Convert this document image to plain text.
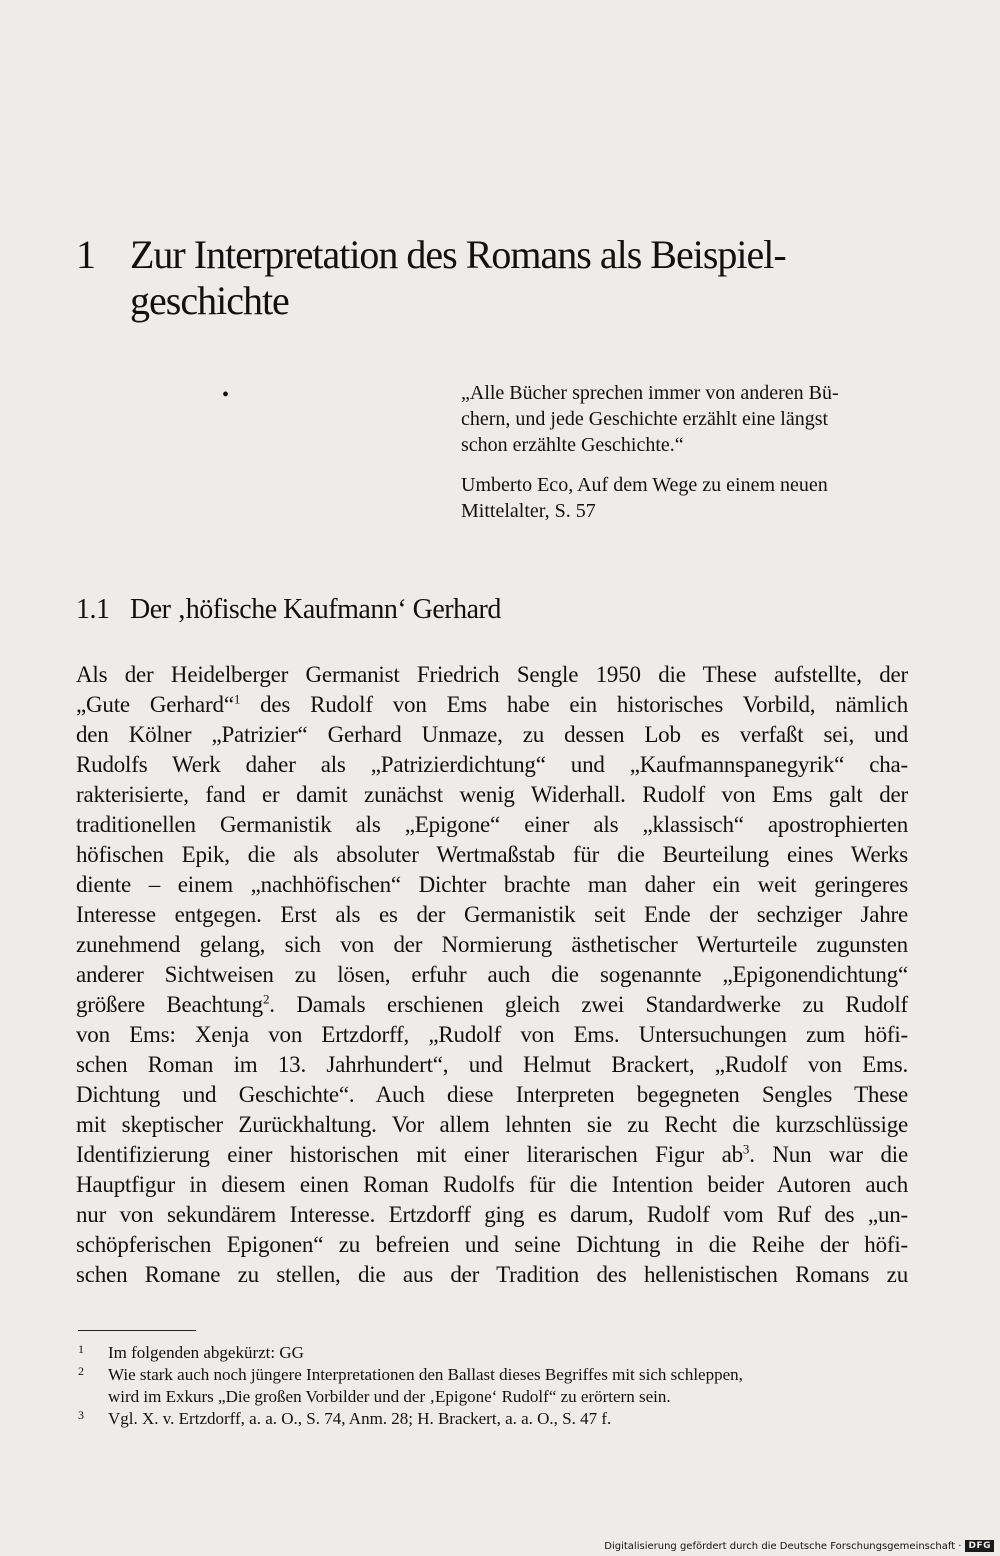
1 Zur Interpretation des Romans als Beispiel-
geschichte
•	„Alle Bücher sprechen immer von anderen Bü-
chern, und jede Geschichte erzählt eine längst
schon erzählte Geschichte.“

Umberto Eco, Auf dem Wege zu einem neuen
Mittelalter, S. 57

1.1 Der ‚höfische Kaufmann‘ Gerhard
Als der Heidelberger Germanist Friedrich Sengle 1950 die These aufstellte, der
„Gute Gerhard“$^1$ des Rudolf von Ems habe ein historisches Vorbild, nämlich
den Kölner „Patrizier“ Gerhard Unmaze, zu dessen Lob es verfaßt sei, und
Rudolfs Werk daher als „Patrizierdichtung“ und „Kaufmannspanegyrik“ cha-
rakterisierte, fand er damit zunächst wenig Widerhall. Rudolf von Ems galt der
traditionellen Germanistik als „Epigone“ einer als „klassisch“ apostrophierten
höfischen Epik, die als absoluter Wertmaßstab für die Beurteilung eines Werks
diente – einem „nachhöfischen“ Dichter brachte man daher ein weit geringeres
Interesse entgegen. Erst als es der Germanistik seit Ende der sechziger Jahre
zunehmend gelang, sich von der Normierung ästhetischer Werturteile zugunsten
anderer Sichtweisen zu lösen, erfuhr auch die sogenannte „Epigonendichtung“
größere Beachtung$^2$. Damals erschienen gleich zwei Standardwerke zu Rudolf
von Ems: Xenja von Ertzdorff, „Rudolf von Ems. Untersuchungen zum höfi-
schen Roman im 13. Jahrhundert“, und Helmut Brackert, „Rudolf von Ems.
Dichtung und Geschichte“. Auch diese Interpreten begegneten Sengles These
mit skeptischer Zurückhaltung. Vor allem lehnten sie zu Recht die kurzschlüssige
Identifizierung einer historischen mit einer literarischen Figur $ab^3$. Nun war die
Hauptfigur in diesem einen Roman Rudolfs für die Intention beider Autoren auch
nur von sekundärem Interesse. Ertzdorff ging es darum, Rudolf vom Ruf des „un-
schöpferischen Epigonen“ zu befreien und seine Dichtung in die Reihe der höfi-
schen Romane zu stellen, die aus der Tradition des hellenistischen Romans zu
1 Im folgenden abgekürzt: GG
2 Wie stark auch noch jüngere Interpretationen den Ballast dieses Begriffes mit sich schleppen,
wird im Exkurs „Die großen Vorbilder und der ‚Epigone‘ Rudolf“ zu erörtern sein.
3 Vgl. X. v. Ertzdorff, a. a. O., S. 74, Anm. 28; H. Brackert, a. a. O., S. 47 f.
Digitalisierung gefördert durch die Deutsche Forschungsgemeinschaft · DFG
